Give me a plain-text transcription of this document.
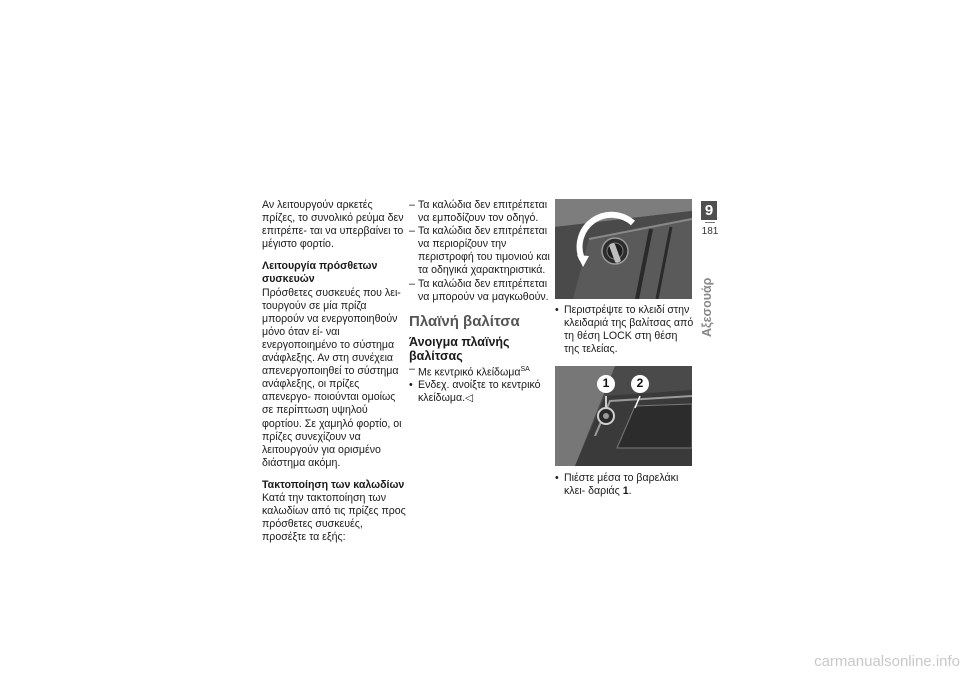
Αν λειτουργούν αρκετές πρίζες, το συνολικό ρεύμα δεν επιτρέπε- ται να υπερβαίνει το μέγιστο φορτίο.

Λειτουργία πρόσθετων συσκευών

Πρόσθετες συσκευές που λει- τουργούν σε μία πρίζα μπορούν να ενεργοποιηθούν μόνο όταν εί- ναι ενεργοποιημένο το σύστημα ανάφλεξης. Αν στη συνέχεια απενεργοποιηθεί το σύστημα ανάφλεξης, οι πρίζες απενεργο- ποιούνται ομοίως σε περίπτωση υψηλού φορτίου. Σε χαμηλό φορτίο, οι πρίζες συνεχίζουν να λειτουργούν για ορισμένο διάστημα ακόμη.

Τακτοποίηση των καλωδίων

Κατά την τακτοποίηση των καλωδίων από τις πρίζες προς πρόσθετες συσκευές, προσέξτε τα εξής:

– Τα καλώδια δεν επιτρέπεται να εμποδίζουν τον οδηγό.
– Τα καλώδια δεν επιτρέπεται να περιορίζουν την περιστροφή του τιμονιού και τα οδηγικά χαρακτηριστικά.
– Τα καλώδια δεν επιτρέπεται να μπορούν να μαγκωθούν.

Πλαϊνή βαλίτσα

Άνοιγμα πλαϊνής βαλίτσας

– Με κεντρικό κλείδωμα$^{SA}$
• Ενδεχ. ανοίξτε το κεντρικό κλείδωμα.◁
• Περιστρέψτε το κλειδί στην κλειδαριά της βαλίτσας από τη θέση LOCK στη θέση της τελείας.
1 2
• Πιέστε μέσα το βαρελάκι κλει- δαριάς 1.
9
181
Αξεσουάρ
carmanualsonline.info
